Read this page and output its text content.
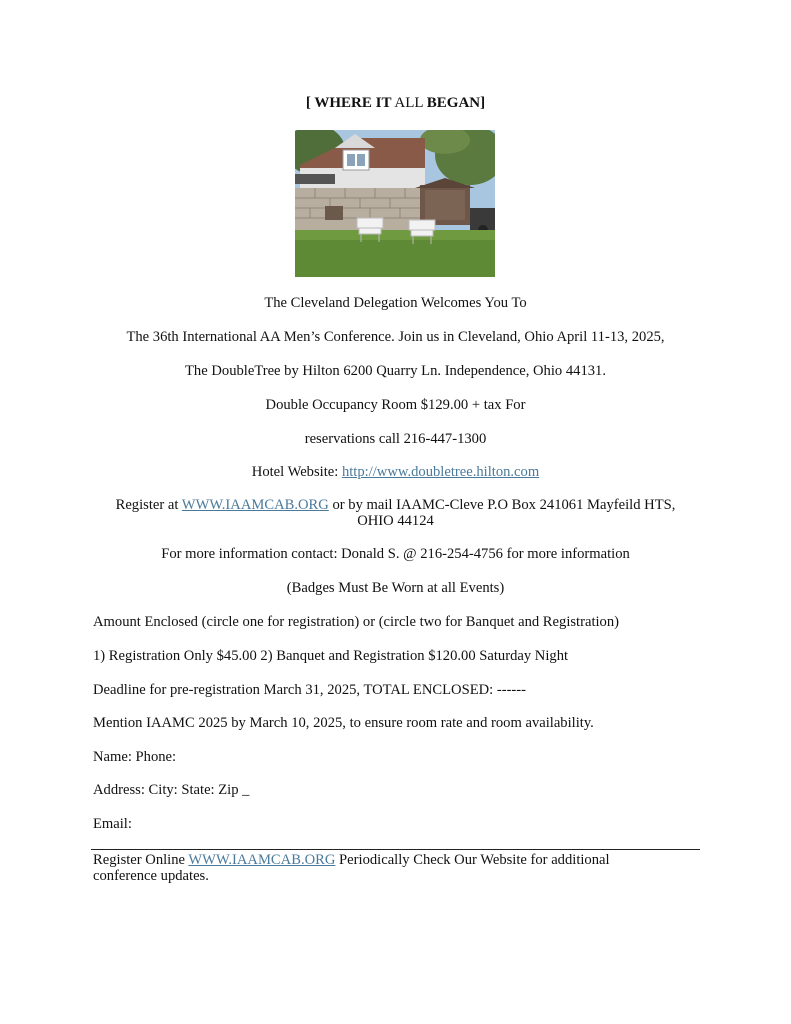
[ WHERE IT ALL BEGAN]
The Cleveland Delegation Welcomes You To
The 36th International AA Men’s Conference. Join us in Cleveland, Ohio April 11-13, 2025,
The DoubleTree by Hilton 6200 Quarry Ln. Independence, Ohio 44131.
Double Occupancy Room $129.00 + tax For
reservations call 216-447-1300
Hotel Website: http://www.doubletree.hilton.com
Register at WWW.IAAMCAB.ORG or by mail IAAMC-Cleve P.O Box 241061 Mayfeild HTS,
OHIO 44124
For more information contact: Donald S. @ 216-254-4756 for more information
(Badges Must Be Worn at all Events)
Amount Enclosed (circle one for registration) or (circle two for Banquet and Registration)
1) Registration Only $45.00 2) Banquet and Registration $120.00 Saturday Night
Deadline for pre-registration March 31, 2025, TOTAL ENCLOSED: ------
Mention IAAMC 2025 by March 10, 2025, to ensure room rate and room availability.
Name: Phone:
Address: City: State: Zip _
Email:
Register Online WWW.IAAMCAB.ORG Periodically Check Our Website for additional
conference updates.
